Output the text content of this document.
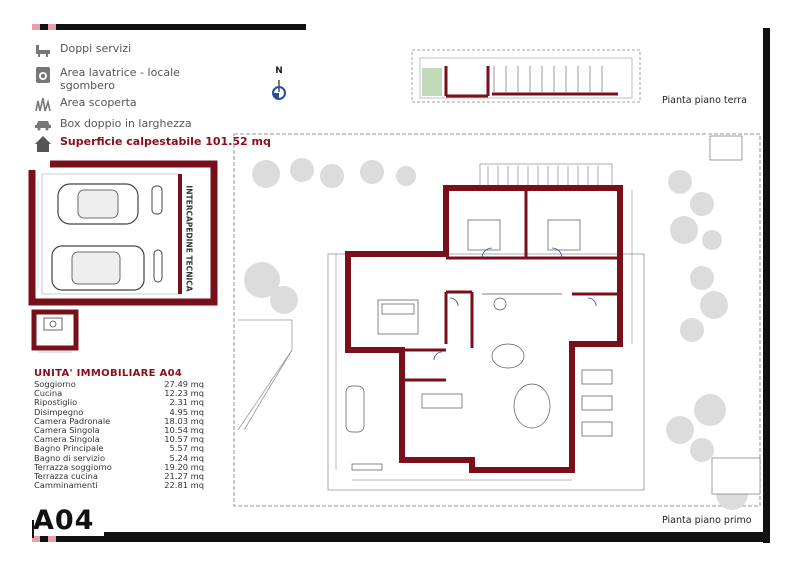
Doppi servizi
Area lavatrice - locale sgombero
Area scoperta
Box doppio in larghezza
Superficie calpestabile 101.52 mq
INTERCAPEDINE TECNICA
UNITA' IMMOBILIARE A04
Soggiorno	27.49 mq
Cucina	12.23 mq
Ripostiglio	2.31 mq
Disimpegno	4.95 mq
Camera Padronale	18.03 mq
Camera Singola	10.54 mq
Camera Singola	10.57 mq
Bagno Principale	5.57 mq
Bagno di servizio	5.24 mq
Terrazza soggiorno	19.20 mq
Terrazza cucina	21.27 mq
Camminamenti	22.81 mq
A04
N
Pianta piano terra
Pianta piano primo
